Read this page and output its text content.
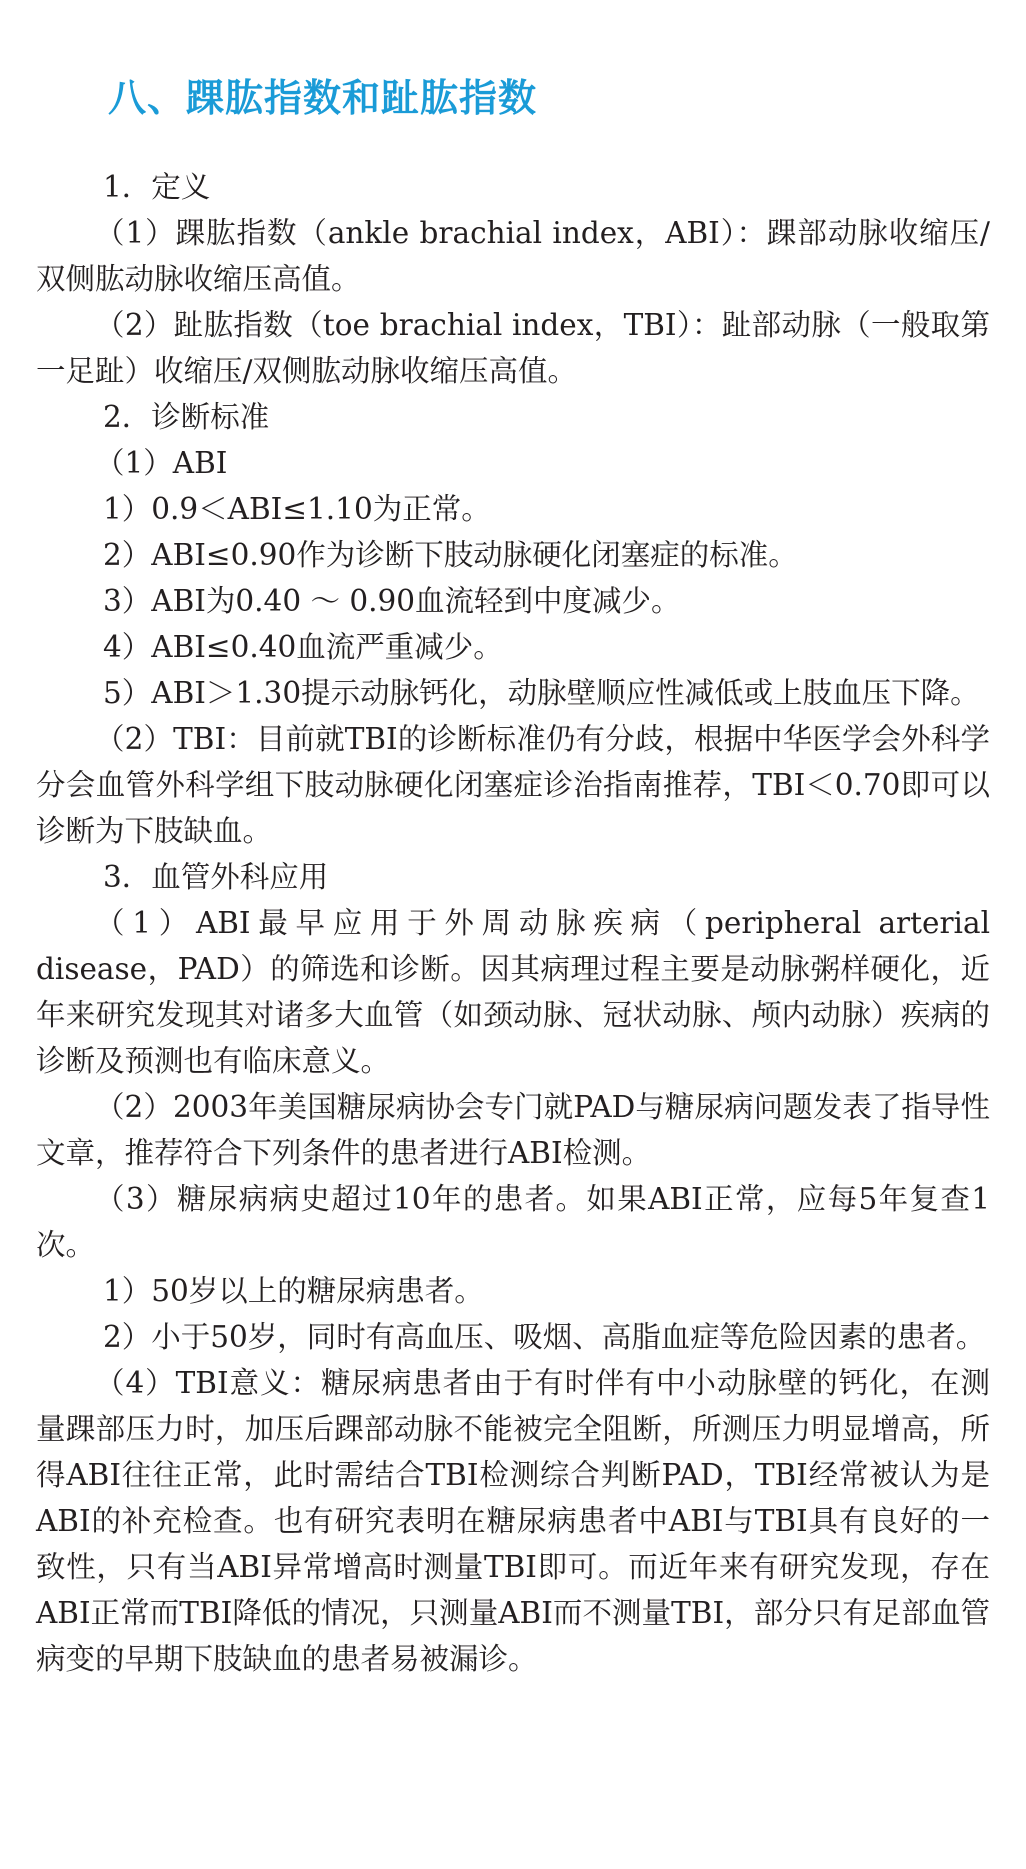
八、踝肱指数和趾肱指数

1．定义

（1）踝肱指数（ankle brachial index，ABI）：踝部动脉收缩压/双侧肱动脉收缩压高值。

（2）趾肱指数（toe brachial index，TBI）：趾部动脉（一般取第一足趾）收缩压/双侧肱动脉收缩压高值。

2．诊断标准

（1）ABI

1）0.9＜ABI≤1.10为正常。

2）ABI≤0.90作为诊断下肢动脉硬化闭塞症的标准。

3）ABI为0.40 ～ 0.90血流轻到中度减少。

4）ABI≤0.40血流严重减少。

5）ABI＞1.30提示动脉钙化，动脉壁顺应性减低或上肢血压下降。

（2）TBI：目前就TBI的诊断标准仍有分歧，根据中华医学会外科学分会血管外科学组下肢动脉硬化闭塞症诊治指南推荐，TBI＜0.70即可以诊断为下肢缺血。

3．血管外科应用

（1）ABI最早应用于外周动脉疾病（peripheral arterial disease，PAD）的筛选和诊断。因其病理过程主要是动脉粥样硬化，近年来研究发现其对诸多大血管（如颈动脉、冠状动脉、颅内动脉）疾病的诊断及预测也有临床意义。

（2）2003年美国糖尿病协会专门就PAD与糖尿病问题发表了指导性文章，推荐符合下列条件的患者进行ABI检测。

（3）糖尿病病史超过10年的患者。如果ABI正常，应每5年复查1次。

1）50岁以上的糖尿病患者。

2）小于50岁，同时有高血压、吸烟、高脂血症等危险因素的患者。

（4）TBI意义：糖尿病患者由于有时伴有中小动脉壁的钙化，在测量踝部压力时，加压后踝部动脉不能被完全阻断，所测压力明显增高，所得ABI往往正常，此时需结合TBI检测综合判断PAD，TBI经常被认为是ABI的补充检查。也有研究表明在糖尿病患者中ABI与TBI具有良好的一致性，只有当ABI异常增高时测量TBI即可。而近年来有研究发现，存在ABI正常而TBI降低的情况，只测量ABI而不测量TBI，部分只有足部血管病变的早期下肢缺血的患者易被漏诊。
